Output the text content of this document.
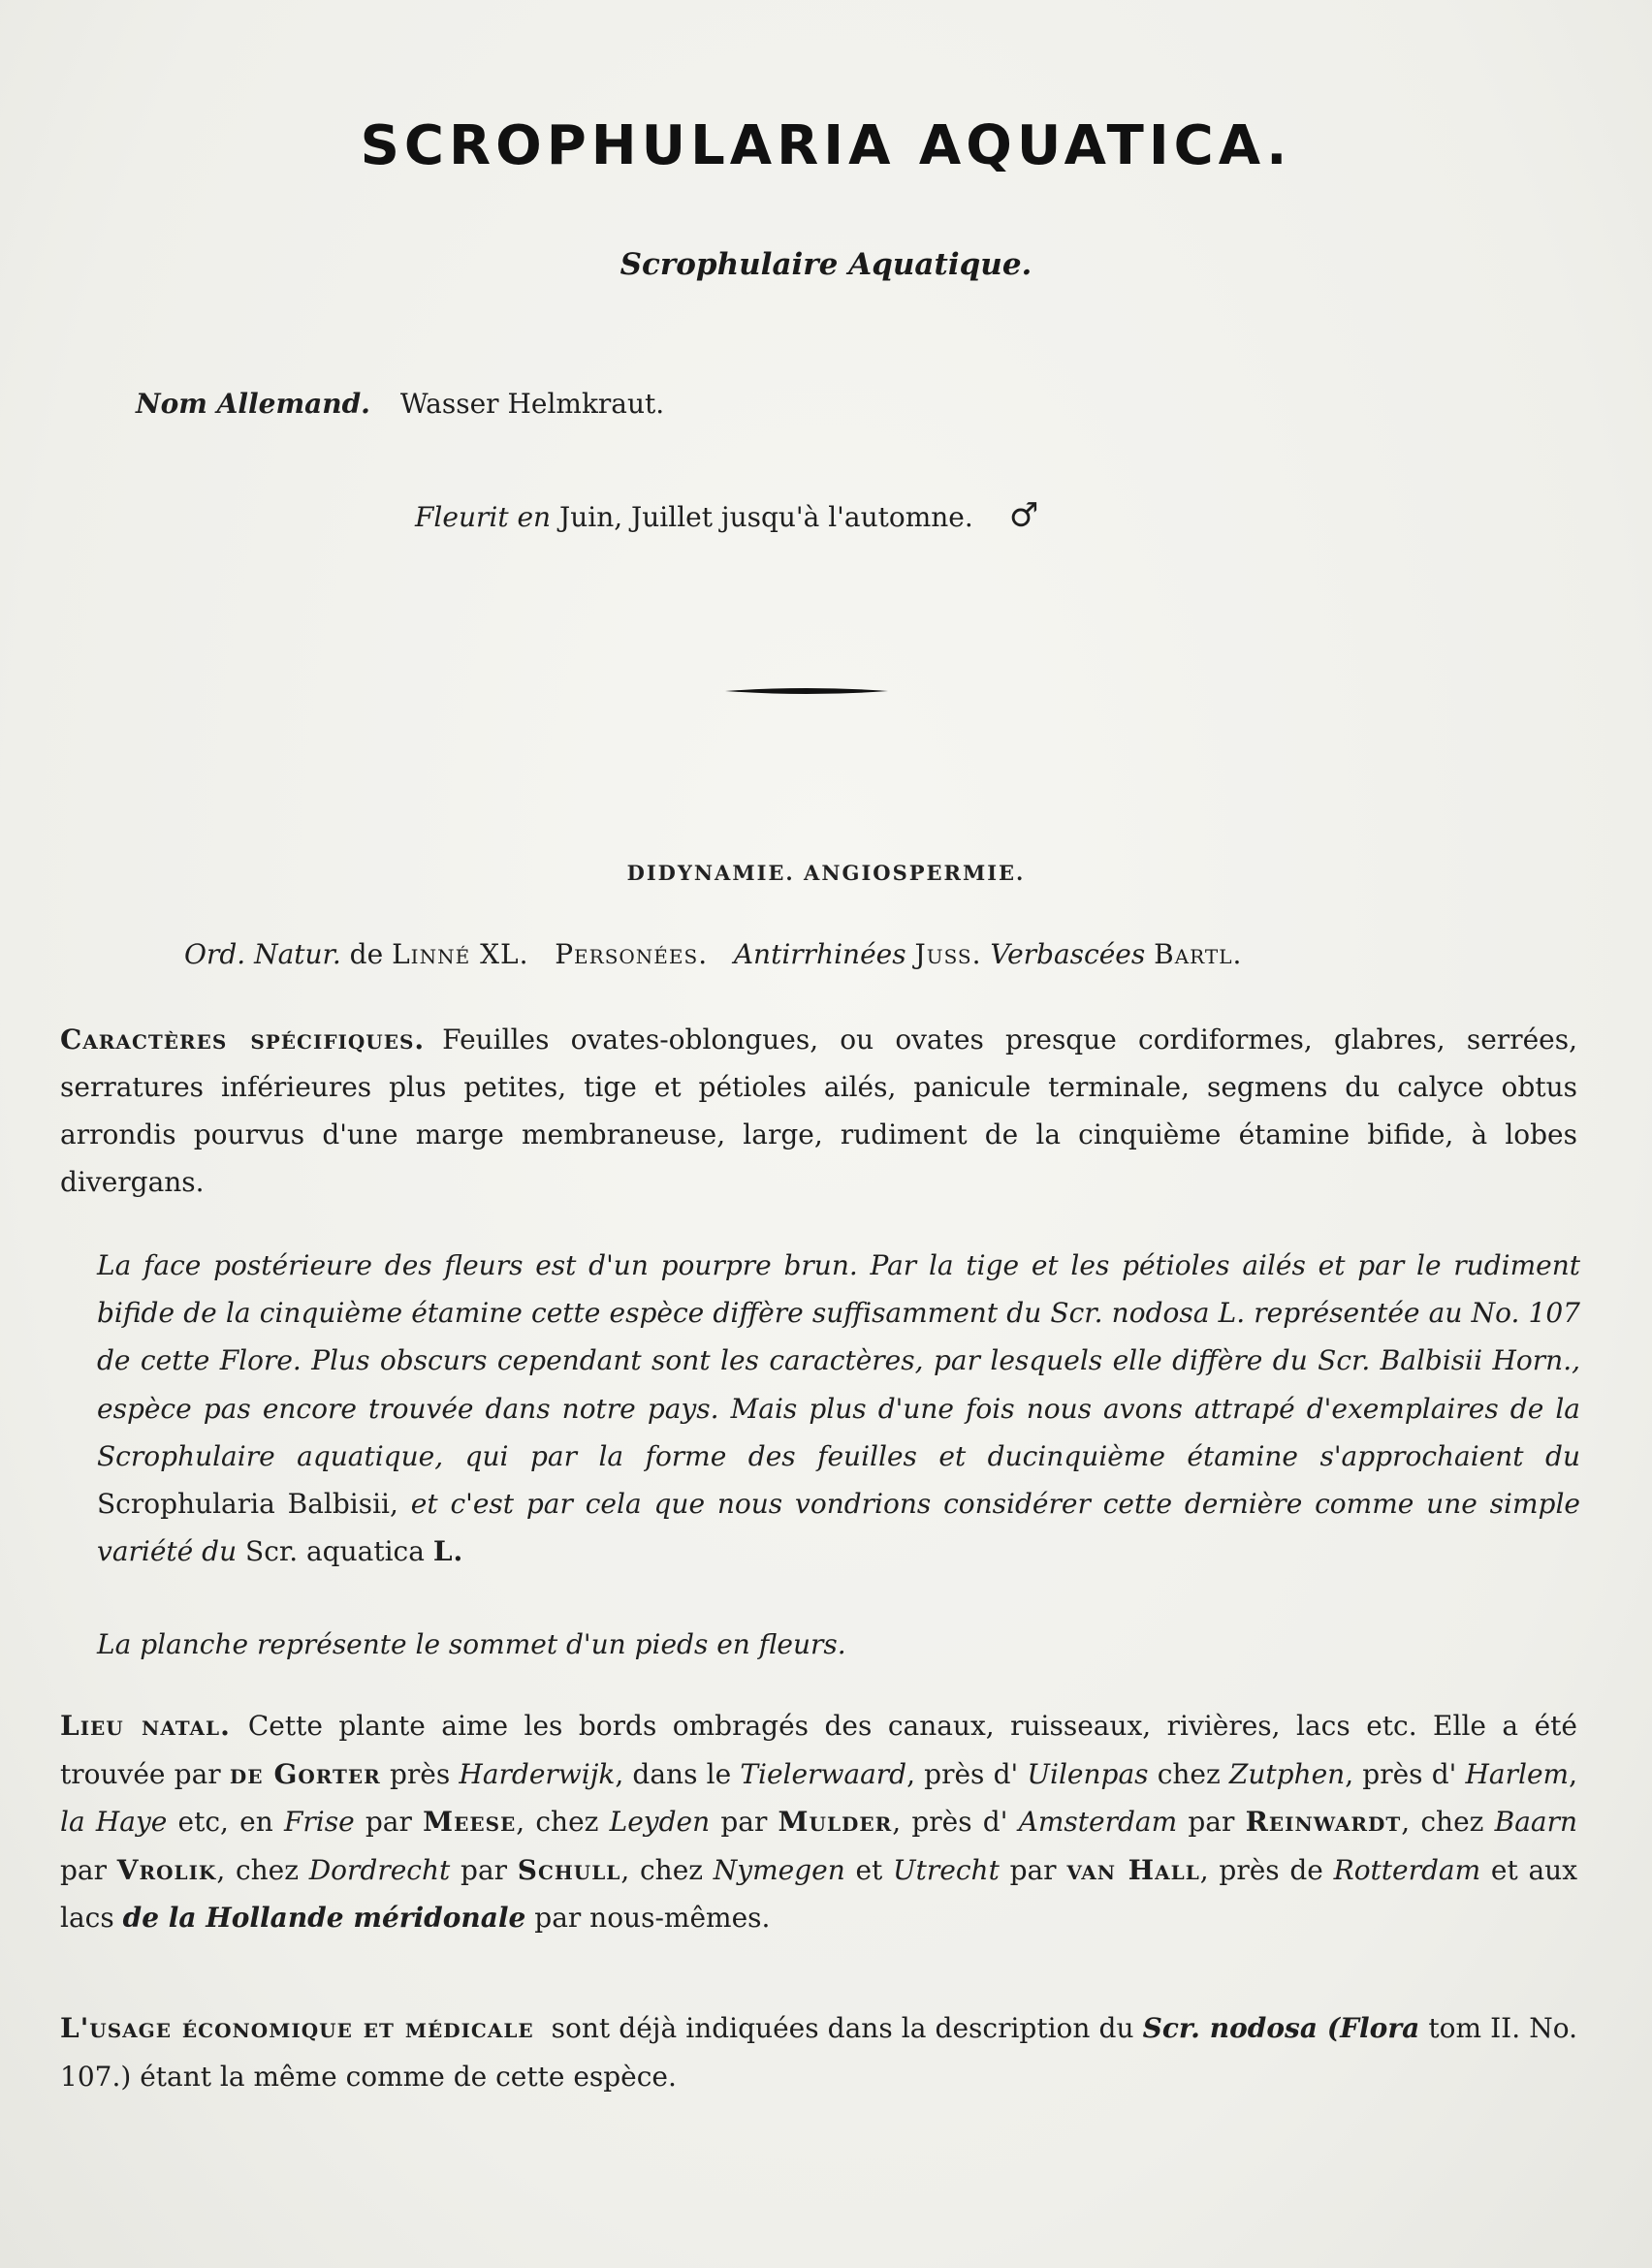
SCROPHULARIA AQUATICA.
Scrophulaire Aquatique.
Nom Allemand. Wasser Helmkraut.
Fleurit en Juin, Juillet jusqu'à l'automne. ♂
DIDYNAMIE. ANGIOSPERMIE.
Ord. Natur. de Linné XL. Personées. Antirrhinées Juss. Verbascées Bartl.
Caractères spécifiques. Feuilles ovates-oblongues, ou ovates presque cordiformes, glabres, serrées, serratures inférieures plus petites, tige et pétioles ailés, panicule terminale, segmens du calyce obtus arrondis pourvus d'une marge membraneuse, large, rudiment de la cinquième étamine bifide, à lobes divergans.
La face postérieure des fleurs est d'un pourpre brun. Par la tige et les pétioles ailés et par le rudiment bifide de la cinquième étamine cette espèce diffère suffisamment du Scr. nodosa L. représentée au No. 107 de cette Flore. Plus obscurs cependant sont les caractères, par lesquels elle diffère du Scr. Balbisii Horn., espèce pas encore trouvée dans notre pays. Mais plus d'une fois nous avons attrapé d'exemplaires de la Scrophulaire aquatique, qui par la forme des feuilles et ducinquième étamine s'approchaient du Scrophularia Balbisii, et c'est par cela que nous vondrions considérer cette dernière comme une simple variété du Scr. aquatica L.
La planche représente le sommet d'un pieds en fleurs.
Lieu natal. Cette plante aime les bords ombragés des canaux, ruisseaux, rivières, lacs etc. Elle a été trouvée par de Gorter près Harderwijk, dans le Tielerwaard, près d' Uilenpas chez Zutphen, près d' Harlem, la Haye etc, en Frise par Meese, chez Leyden par Mulder, près d' Amsterdam par Reinwardt, chez Baarn par Vrolik, chez Dordrecht par Schull, chez Nymegen et Utrecht par van Hall, près de Rotterdam et aux lacs de la Hollande méridonale par nous-mêmes.
L'usage économique et médicale sont déjà indiquées dans la description du Scr. nodosa (Flora tom II. No. 107.) étant la même comme de cette espèce.
